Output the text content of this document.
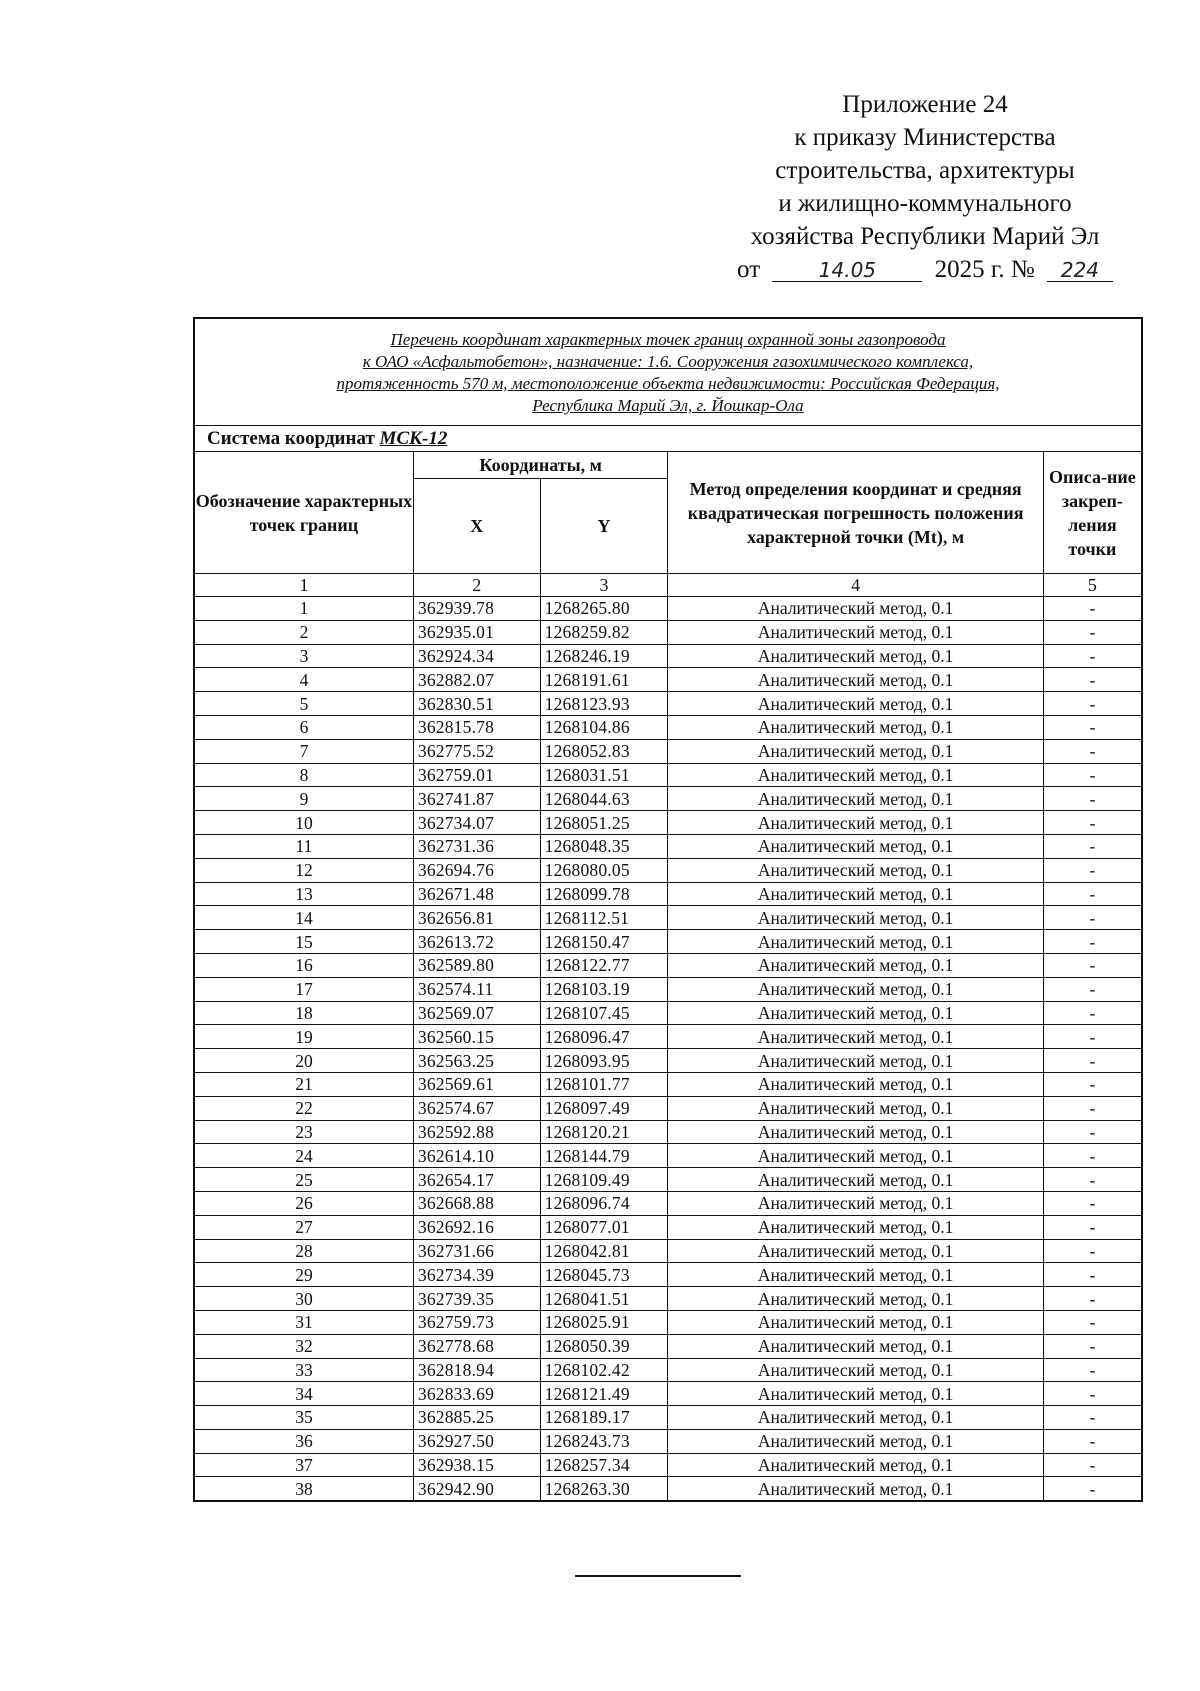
Приложение 24
к приказу Министерства
строительства, архитектуры
и жилищно-коммунального
хозяйства Республики Марий Эл
от	14.05 2025 г. № 224
Перечень координат характерных точек границ охранной зоны газопровода
к ОАО «Асфальтобетон», назначение: 1.6. Сооружения газохимического комплекса,
протяженность 570 м, местоположение объекта недвижимости: Российская Федерация,
Республика Марий Эл, г. Йошкар-Ола				

Система координат МСК-12				
Обозначение характерных точек границ	Координаты, м		Метод определения координат и средняя квадратическая погрешность положения характерной точки (Mt), м	Описа-ние закреп-ления точки
	X	Y		
1	2	3	4	5
1	362939.78	1268265.80	Аналитический метод, 0.1	-
2	362935.01	1268259.82	Аналитический метод, 0.1	-
3	362924.34	1268246.19	Аналитический метод, 0.1	-
4	362882.07	1268191.61	Аналитический метод, 0.1	-
5	362830.51	1268123.93	Аналитический метод, 0.1	-
6	362815.78	1268104.86	Аналитический метод, 0.1	-
7	362775.52	1268052.83	Аналитический метод, 0.1	-
8	362759.01	1268031.51	Аналитический метод, 0.1	-
9	362741.87	1268044.63	Аналитический метод, 0.1	-
10	362734.07	1268051.25	Аналитический метод, 0.1	-
11	362731.36	1268048.35	Аналитический метод, 0.1	-
12	362694.76	1268080.05	Аналитический метод, 0.1	-
13	362671.48	1268099.78	Аналитический метод, 0.1	-
14	362656.81	1268112.51	Аналитический метод, 0.1	-
15	362613.72	1268150.47	Аналитический метод, 0.1	-
16	362589.80	1268122.77	Аналитический метод, 0.1	-
17	362574.11	1268103.19	Аналитический метод, 0.1	-
18	362569.07	1268107.45	Аналитический метод, 0.1	-
19	362560.15	1268096.47	Аналитический метод, 0.1	-
20	362563.25	1268093.95	Аналитический метод, 0.1	-
21	362569.61	1268101.77	Аналитический метод, 0.1	-
22	362574.67	1268097.49	Аналитический метод, 0.1	-
23	362592.88	1268120.21	Аналитический метод, 0.1	-
24	362614.10	1268144.79	Аналитический метод, 0.1	-
25	362654.17	1268109.49	Аналитический метод, 0.1	-
26	362668.88	1268096.74	Аналитический метод, 0.1	-
27	362692.16	1268077.01	Аналитический метод, 0.1	-
28	362731.66	1268042.81	Аналитический метод, 0.1	-
29	362734.39	1268045.73	Аналитический метод, 0.1	-
30	362739.35	1268041.51	Аналитический метод, 0.1	-
31	362759.73	1268025.91	Аналитический метод, 0.1	-
32	362778.68	1268050.39	Аналитический метод, 0.1	-
33	362818.94	1268102.42	Аналитический метод, 0.1	-
34	362833.69	1268121.49	Аналитический метод, 0.1	-
35	362885.25	1268189.17	Аналитический метод, 0.1	-
36	362927.50	1268243.73	Аналитический метод, 0.1	-
37	362938.15	1268257.34	Аналитический метод, 0.1	-
38	362942.90	1268263.30	Аналитический метод, 0.1	-
